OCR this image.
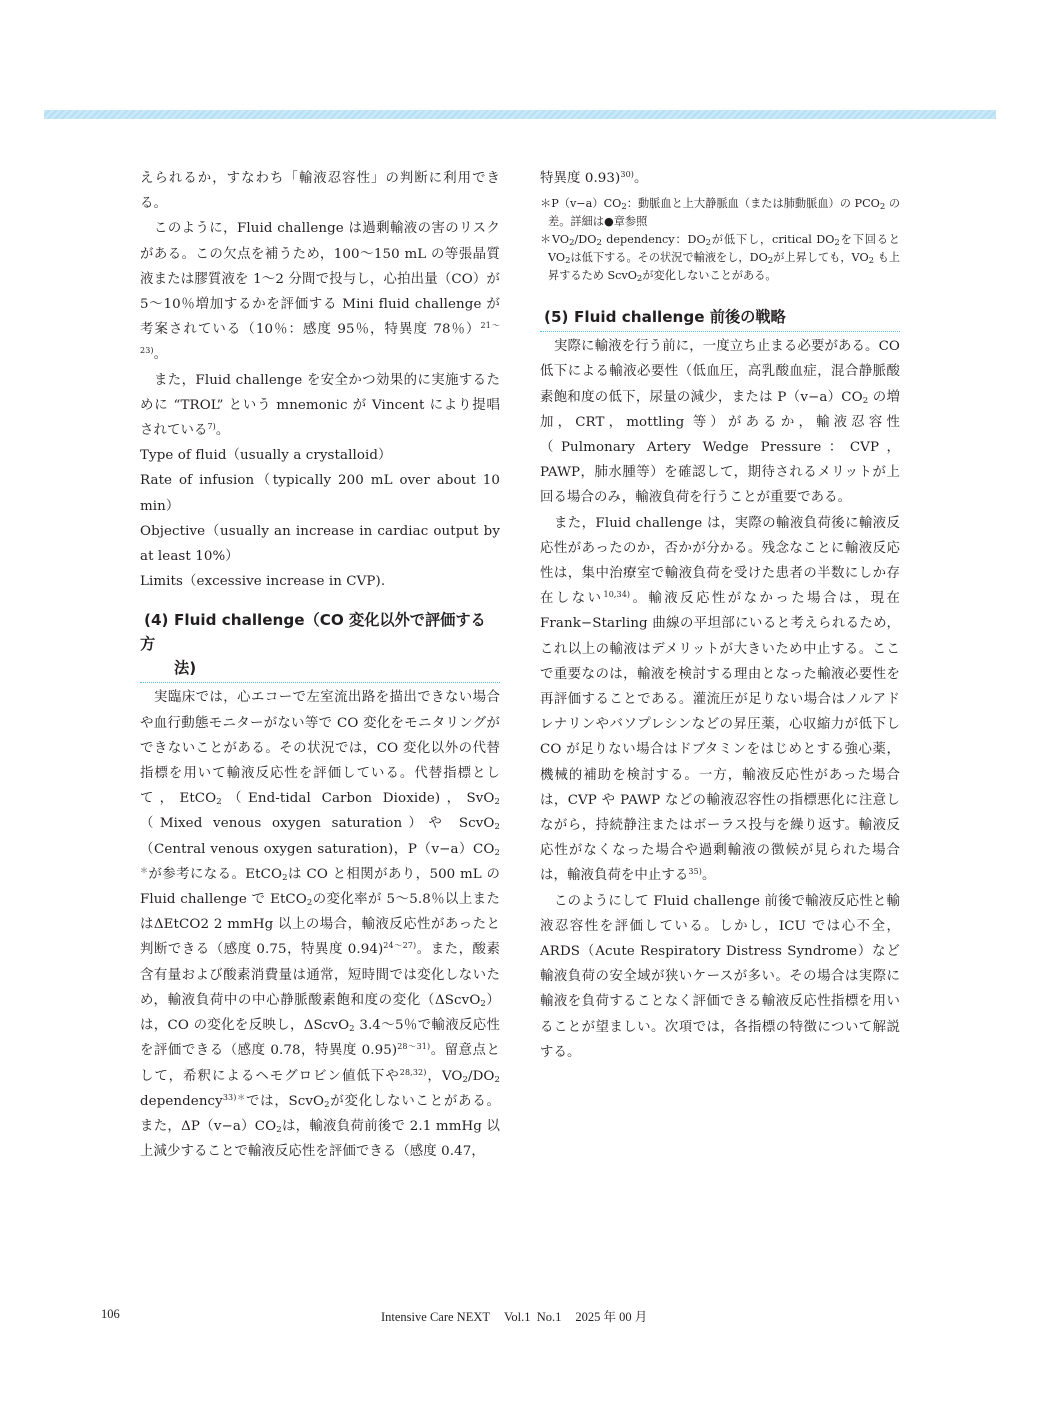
えられるか，すなわち「輸液忍容性」の判断に利用できる。

このように，Fluid challenge は過剰輸液の害のリスクがある。この欠点を補うため，100〜150 mL の等張晶質液または膠質液を 1〜2 分間で投与し，心拍出量（CO）が 5〜10％増加するかを評価する Mini fluid challenge が考案されている（10％：感度 95％，特異度 78％）$^{21〜23)}$。

また，Fluid challenge を安全かつ効果的に実施するために “TROL” という mnemonic が Vincent により提唱されている$^{7)}$。

Type of fluid（usually a crystalloid）

Rate of infusion（typically 200 mL over about 10 min）

Objective（usually an increase in cardiac output by at least 10%）

Limits（excessive increase in CVP).

(4) Fluid challenge（CO 変化以外で評価する方
法)

実臨床では，心エコーで左室流出路を描出できない場合や血行動態モニターがない等で CO 変化をモニタリングができないことがある。その状況では，CO 変化以外の代替指標を用いて輸液反応性を評価している。代替指標として，EtCO$_2$（End-tidal Carbon Dioxide)，SvO$_2$（Mixed venous oxygen saturation）や ScvO$_2$（Central venous oxygen saturation)，$P(v-a)CO_2^*$が参考になる。EtCO$_2$は CO と相関があり，500 mL の Fluid challenge で EtCO$_2$の変化率が 5〜5.8％以上またはΔEtCO2 2 mmHg 以上の場合，輸液反応性があったと判断できる（感度 0.75，特異度 0.94)$^{24〜27)}$。また，酸素含有量および酸素消費量は通常，短時間では変化しないため，輸液負荷中の中心静脈酸素飽和度の変化（ΔScvO$_2$）は，CO の変化を反映し，ΔScvO$_2$ 3.4〜5％で輸液反応性を評価できる（感度 0.78，特異度 0.95)$^{28〜31)}$。留意点として，希釈によるヘモグロビン値低下や$^{28,32)}$，$VO_2/DO_2$ dependency$^{33)*}$では，ScvO$_2$が変化しないことがある。また，$\Delta P(v-a)CO_2$は，輸液負荷前後で 2.1 mmHg 以上減少することで輸液反応性を評価できる（感度 0.47，

特異度 0.93)$^{30)}$。

$*P(v-a)CO_2$：動脈血と上大静脈血（または肺動脈血）の $PCO_2$ の差。詳細は●章参照

$*VO_2/DO_2$ dependency：$DO_2$が低下し，critical $DO_2$を下回ると $VO_2$は低下する。その状況で輸液をし，$DO_2$が上昇しても，$VO_2$ も上昇するため ScvO$_2$が変化しないことがある。

(5) Fluid challenge 前後の戦略

実際に輸液を行う前に，一度立ち止まる必要がある。CO 低下による輸液必要性（低血圧，高乳酸血症，混合静脈酸素飽和度の低下，尿量の減少，または $P(v-a)CO_2$ の増加，CRT，mottling 等）があるか，輸液忍容性（Pulmonary Artery Wedge Pressure：CVP，PAWP，肺水腫等）を確認して，期待されるメリットが上回る場合のみ，輸液負荷を行うことが重要である。

また，Fluid challenge は，実際の輸液負荷後に輸液反応性があったのか，否かが分かる。残念なことに輸液反応性は，集中治療室で輸液負荷を受けた患者の半数にしか存在しない$^{10,34)}$。輸液反応性がなかった場合は，現在 Frank−Starling 曲線の平坦部にいると考えられるため，これ以上の輸液はデメリットが大きいため中止する。ここで重要なのは，輸液を検討する理由となった輸液必要性を再評価することである。灌流圧が足りない場合はノルアドレナリンやバソプレシンなどの昇圧薬，心収縮力が低下し CO が足りない場合はドブタミンをはじめとする強心薬，機械的補助を検討する。一方，輸液反応性があった場合は，CVP や PAWP などの輸液忍容性の指標悪化に注意しながら，持続静注またはボーラス投与を繰り返す。輸液反応性がなくなった場合や過剰輸液の徴候が見られた場合は，輸液負荷を中止する$^{35)}$。

このようにして Fluid challenge 前後で輸液反応性と輸液忍容性を評価している。しかし，ICU では心不全，ARDS（Acute Respiratory Distress Syndrome）など輸液負荷の安全域が狭いケースが多い。その場合は実際に輸液を負荷することなく評価できる輸液反応性指標を用いることが望ましい。次項では，各指標の特徴について解説する。

106	Intensive Care NEXT Vol.1 No.1 2025 年 00 月
